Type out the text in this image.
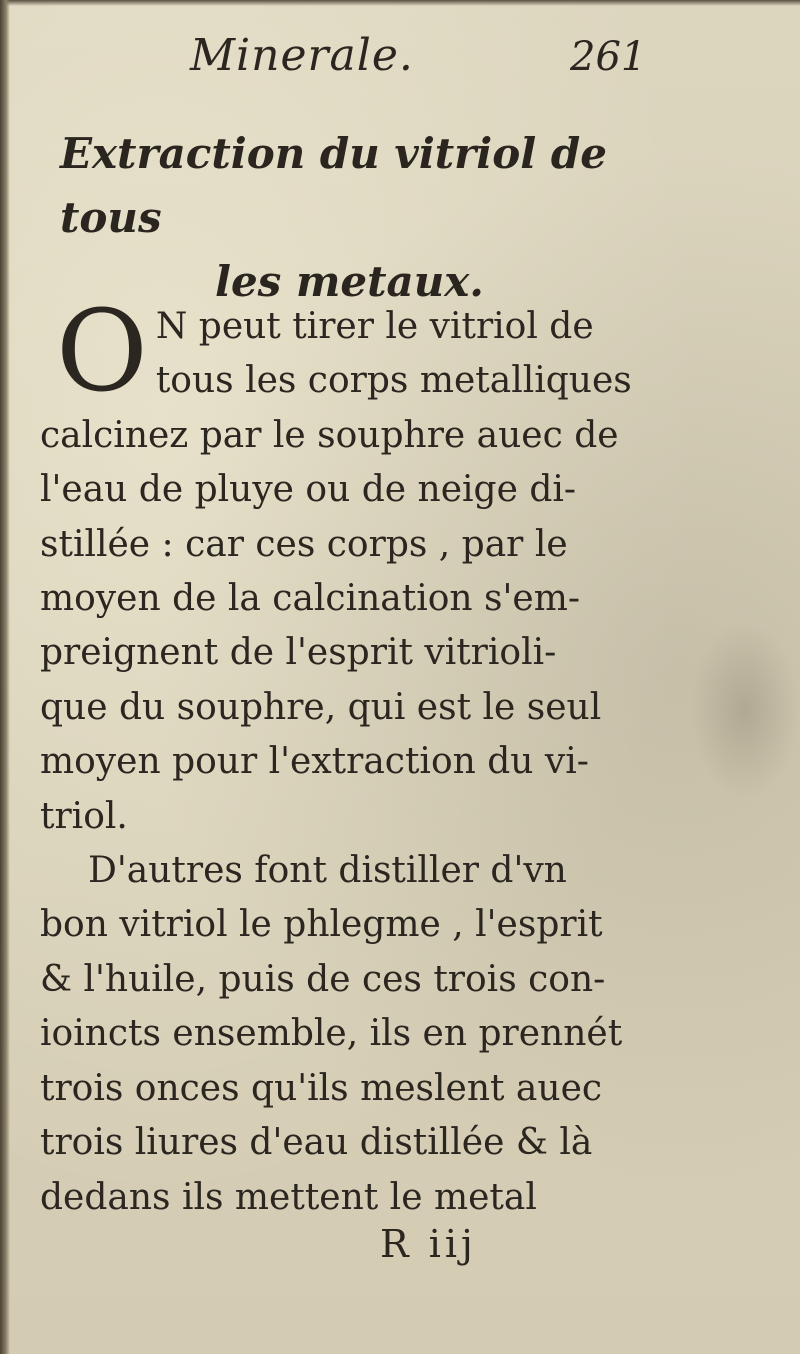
Minerale.	261
Extraction du vitriol de tous
les metaux.
O N peut tirer le vitriol de
tous les corps metalliques
calcinez par le souphre auec de
l'eau de pluye ou de neige di-
stillée : car ces corps , par le
moyen de la calcination s'em-
preignent de l'esprit vitrioli-
que du souphre, qui est le seul
moyen pour l'extraction du vi-
triol.
D'autres font distiller d'vn
bon vitriol le phlegme , l'esprit
& l'huile, puis de ces trois con-
ioincts ensemble, ils en prennét
trois onces qu'ils meslent auec
trois liures d'eau distillée & là
dedans ils mettent le metal
R iij
